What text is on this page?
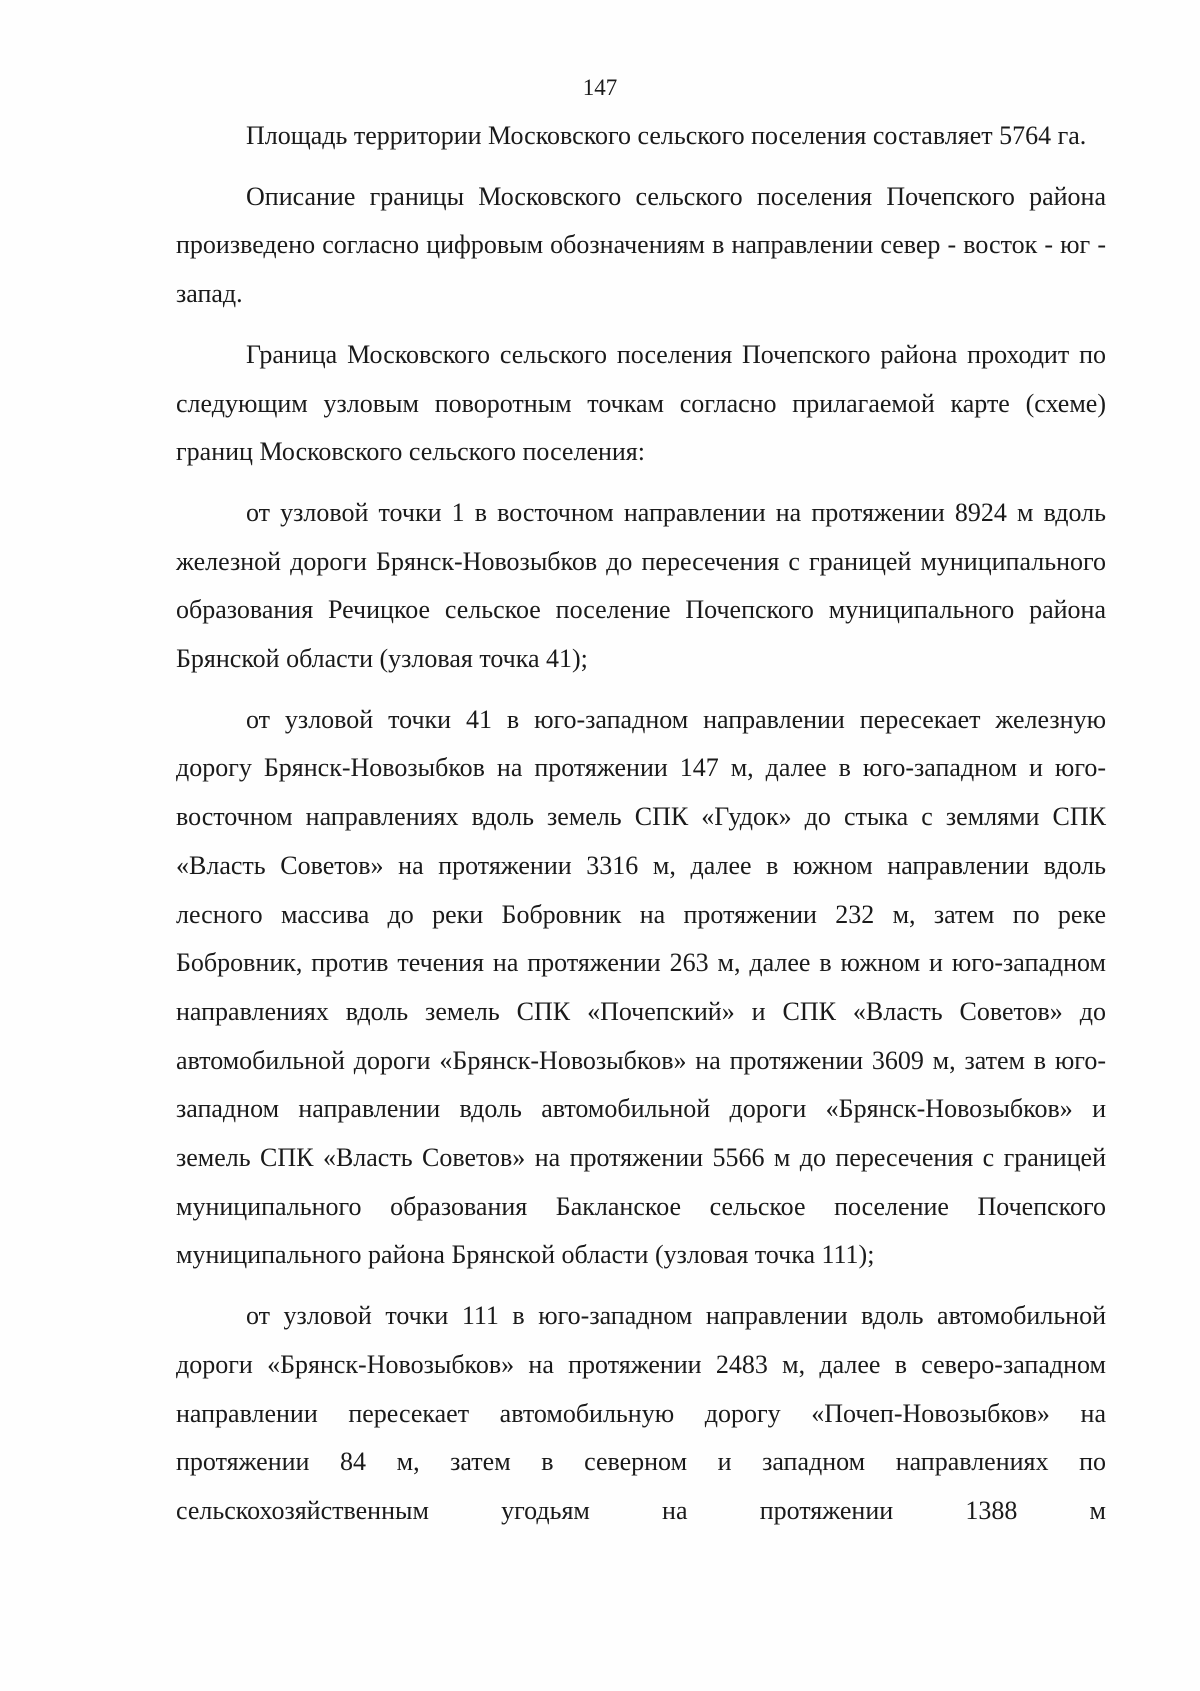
147

Площадь территории Московского сельского поселения составляет 5764 га.

Описание границы Московского сельского поселения Почепского района произведено согласно цифровым обозначениям в направлении север - восток - юг - запад.

Граница Московского сельского поселения Почепского района проходит по следующим узловым поворотным точкам согласно прилагаемой карте (схеме) границ Московского сельского поселения:

от узловой точки 1 в восточном направлении на протяжении 8924 м вдоль железной дороги Брянск-Новозыбков до пересечения с границей муниципального образования Речицкое сельское поселение Почепского муниципального района Брянской области (узловая точка 41);

от узловой точки 41 в юго-западном направлении пересекает железную дорогу Брянск-Новозыбков на протяжении 147 м, далее в юго-западном и юго-восточном направлениях вдоль земель СПК «Гудок» до стыка с землями СПК «Власть Советов» на протяжении 3316 м, далее в южном направлении вдоль лесного массива до реки Бобровник на протяжении 232 м, затем по реке Бобровник, против течения на протяжении 263 м, далее в южном и юго-западном направлениях вдоль земель СПК «Почепский» и СПК «Власть Советов» до автомобильной дороги «Брянск-Новозыбков» на протяжении 3609 м, затем в юго-западном направлении вдоль автомобильной дороги «Брянск-Новозыбков» и земель СПК «Власть Советов» на протяжении 5566 м до пересечения с границей муниципального образования Бакланское сельское поселение Почепского муниципального района Брянской области (узловая точка 111);

от узловой точки 111 в юго-западном направлении вдоль автомобильной дороги «Брянск-Новозыбков» на протяжении 2483 м, далее в северо-западном направлении пересекает автомобильную дорогу «Почеп-Новозыбков» на протяжении 84 м, затем в северном и западном направлениях по сельскохозяйственным угодьям на протяжении 1388 м
